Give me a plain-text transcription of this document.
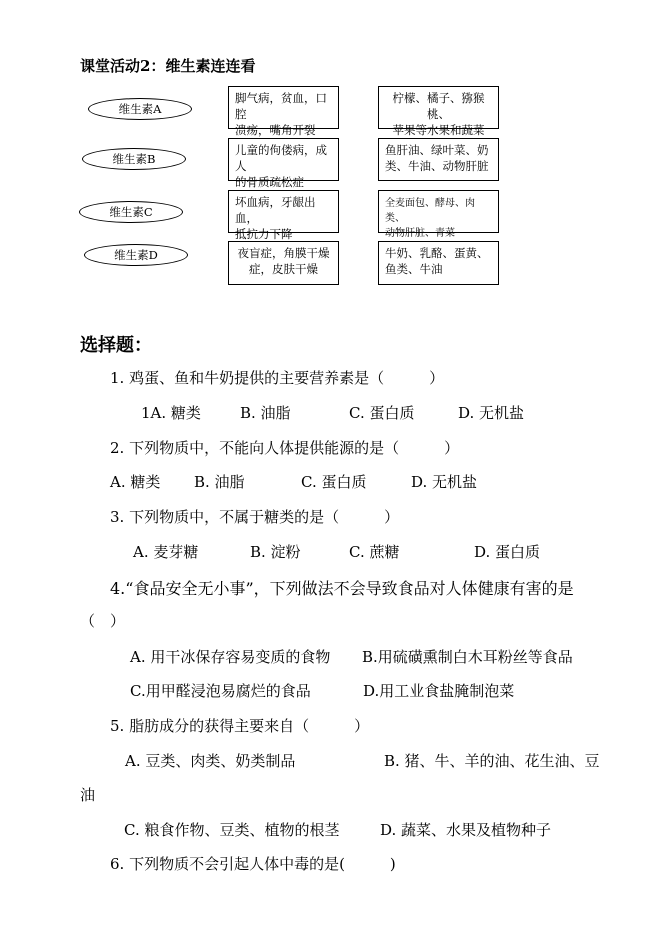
课堂活动2：维生素连连看
维生素A
维生素B
维生素C
维生素D
脚气病，贫血，口腔
溃疡，嘴角开裂
儿童的佝偻病，成人
的骨质疏松症
坏血病，牙龈出血，
抵抗力下降
夜盲症，角膜干燥
症，皮肤干燥
柠檬、橘子、猕猴桃、
苹果等水果和蔬菜
鱼肝油、绿叶菜、奶
类、牛油、动物肝脏
全麦面包、酵母、肉类、
动物肝脏、青菜
牛奶、乳酪、蛋黄、
鱼类、牛油
选择题：
1. 鸡蛋、鱼和牛奶提供的主要营养素是（　　　）
1A. 糖类	B. 油脂	C. 蛋白质	D. 无机盐
2. 下列物质中，不能向人体提供能源的是（　　　）
A. 糖类 B. 油脂	C. 蛋白质	D. 无机盐
3. 下列物质中，不属于糖类的是（　　　）
A. 麦芽糖	B. 淀粉	C. 蔗糖	D. 蛋白质
4.“食品安全无小事”，下列做法不会导致食品对人体健康有害的是
（　）
A. 用干冰保存容易变质的食物 B.用硫磺熏制白木耳粉丝等食品
C.用甲醛浸泡易腐烂的食品	D.用工业食盐腌制泡菜
5. 脂肪成分的获得主要来自（　　　）
A. 豆类、肉类、奶类制品	B. 猪、牛、羊的油、花生油、豆
油
C. 粮食作物、豆类、植物的根茎	D. 蔬菜、水果及植物种子
6. 下列物质不会引起人体中毒的是(　　　)
